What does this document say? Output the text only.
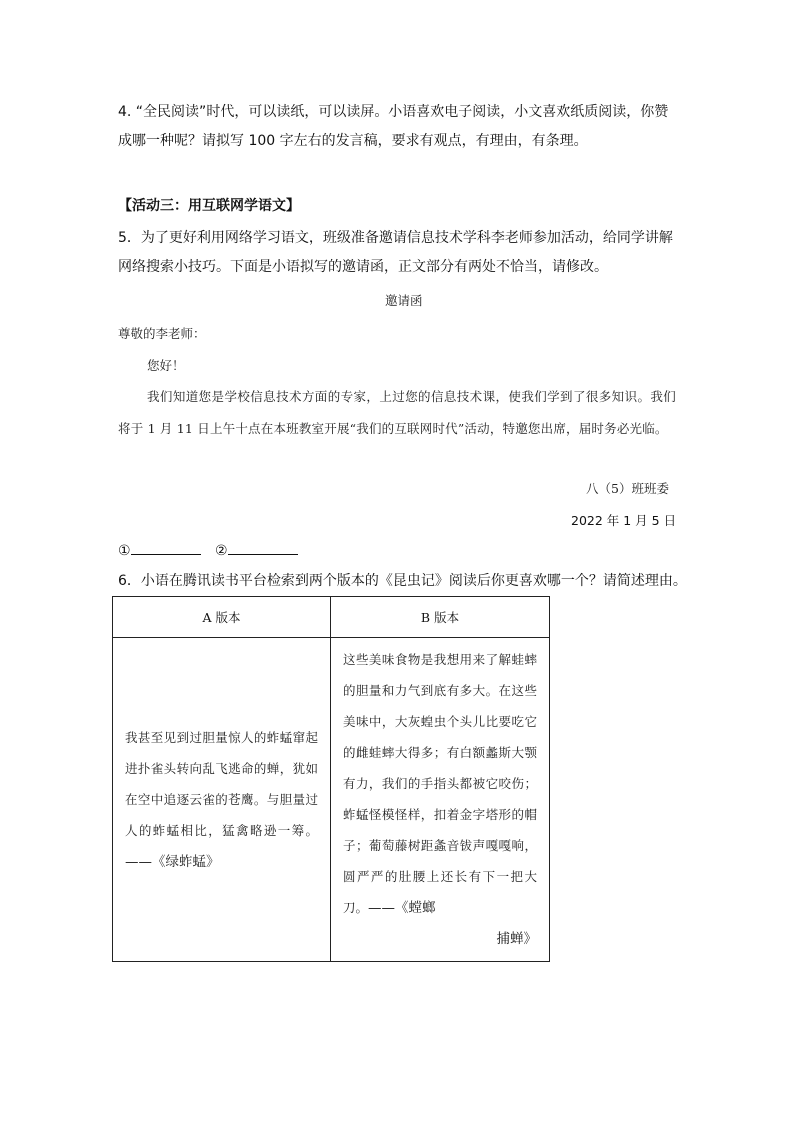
4. “全民阅读”时代，可以读纸，可以读屏。小语喜欢电子阅读，小文喜欢纸质阅读，你赞成哪一种呢？请拟写 100 字左右的发言稿，要求有观点，有理由，有条理。
【活动三：用互联网学语文】
5．为了更好利用网络学习语文，班级准备邀请信息技术学科李老师参加活动，给同学讲解网络搜索小技巧。下面是小语拟写的邀请函，正文部分有两处不恰当，请修改。
邀请函
尊敬的李老师：
您好！
我们知道您是学校信息技术方面的专家，上过您的信息技术课，使我们学到了很多知识。我们将于 1 月 11 日上午十点在本班教室开展“我们的互联网时代”活动，特邀您出席，届时务必光临。
八（5）班班委
2022 年 1 月 5 日
①	②
6．小语在腾讯读书平台检索到两个版本的《昆虫记》阅读后你更喜欢哪一个？请简述理由。
A 版本	B 版本

我甚至见到过胆量惊人的蚱蜢窜起进扑雀头转向乱飞逃命的蝉，犹如在空中追逐云雀的苍鹰。与胆量过人的蚱蜢相比，猛禽略逊一筹。——《绿蚱蜢》	这些美味食物是我想用来了解蛙蟀的胆量和力气到底有多大。在这些美味中，大灰蝗虫个头儿比要吃它的雌蛙蟀大得多；有白额蠡斯大颚有力，我们的手指头都被它咬伤；蚱蜢怪模怪样，扣着金字塔形的帽子；葡萄藤树距螽音钹声嘎嘎响，圆严严的肚腰上还长有下一把大刀。——《螳螂
捕蝉》
